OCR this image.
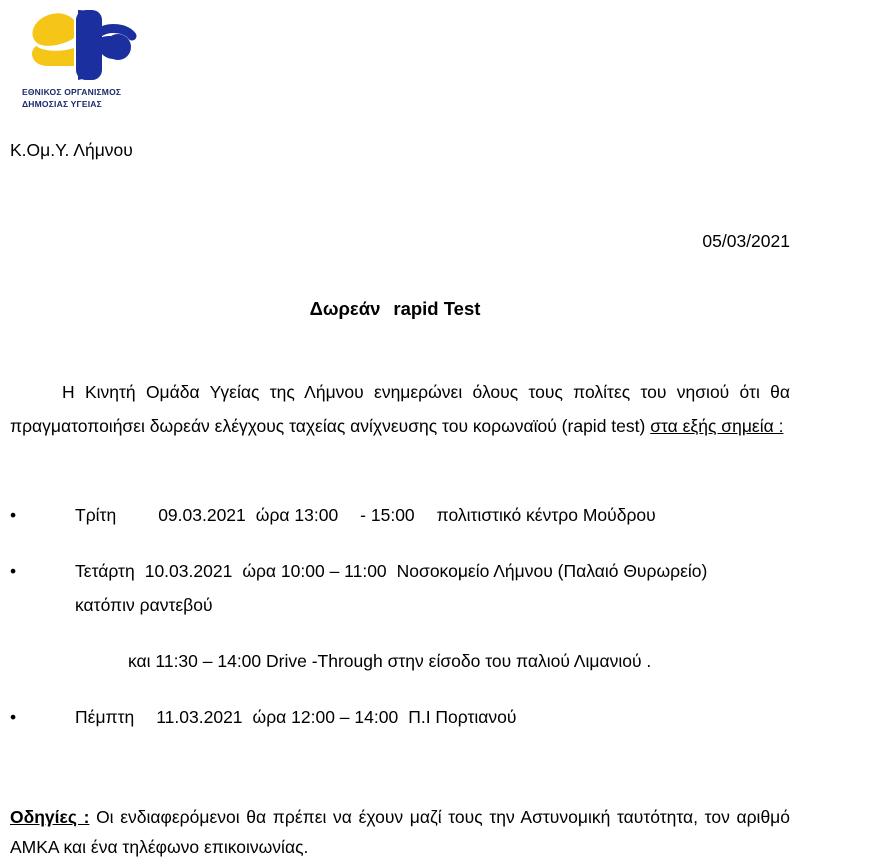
ΕΘΝΙΚΟΣ ΟΡΓΑΝΙΣΜΟΣ
ΔΗΜΟΣΙΑΣ ΥΓΕΙΑΣ
Κ.Ομ.Υ. Λήμνου
05/03/2021
Δωρεάν rapid Test
Η Κινητή Ομάδα Υγείας της Λήμνου ενημερώνει όλους τους πολίτες του νησιού ότι θα πραγματοποιήσει δωρεάν ελέγχους ταχείας ανίχνευσης του κορωναϊού (rapid test) στα εξής σημεία :
•	Τρίτη 09.03.2021 ώρα 13:00 - 15:00 πολιτιστικό κέντρο Μούδρου
•	Τετάρτη 10.03.2021 ώρα 10:00 – 11:00 Νοσοκομείο Λήμνου (Παλαιό Θυρωρείο)
κατόπιν ραντεβού
και 11:30 – 14:00 Drive -Through στην είσοδο του παλιού Λιμανιού .
•	Πέμπτη 11.03.2021 ώρα 12:00 – 14:00 Π.Ι Πορτιανού
Οδηγίες : Οι ενδιαφερόμενοι θα πρέπει να έχουν μαζί τους την Αστυνομική ταυτότητα, τον αριθμό ΑΜΚΑ και ένα τηλέφωνο επικοινωνίας.
